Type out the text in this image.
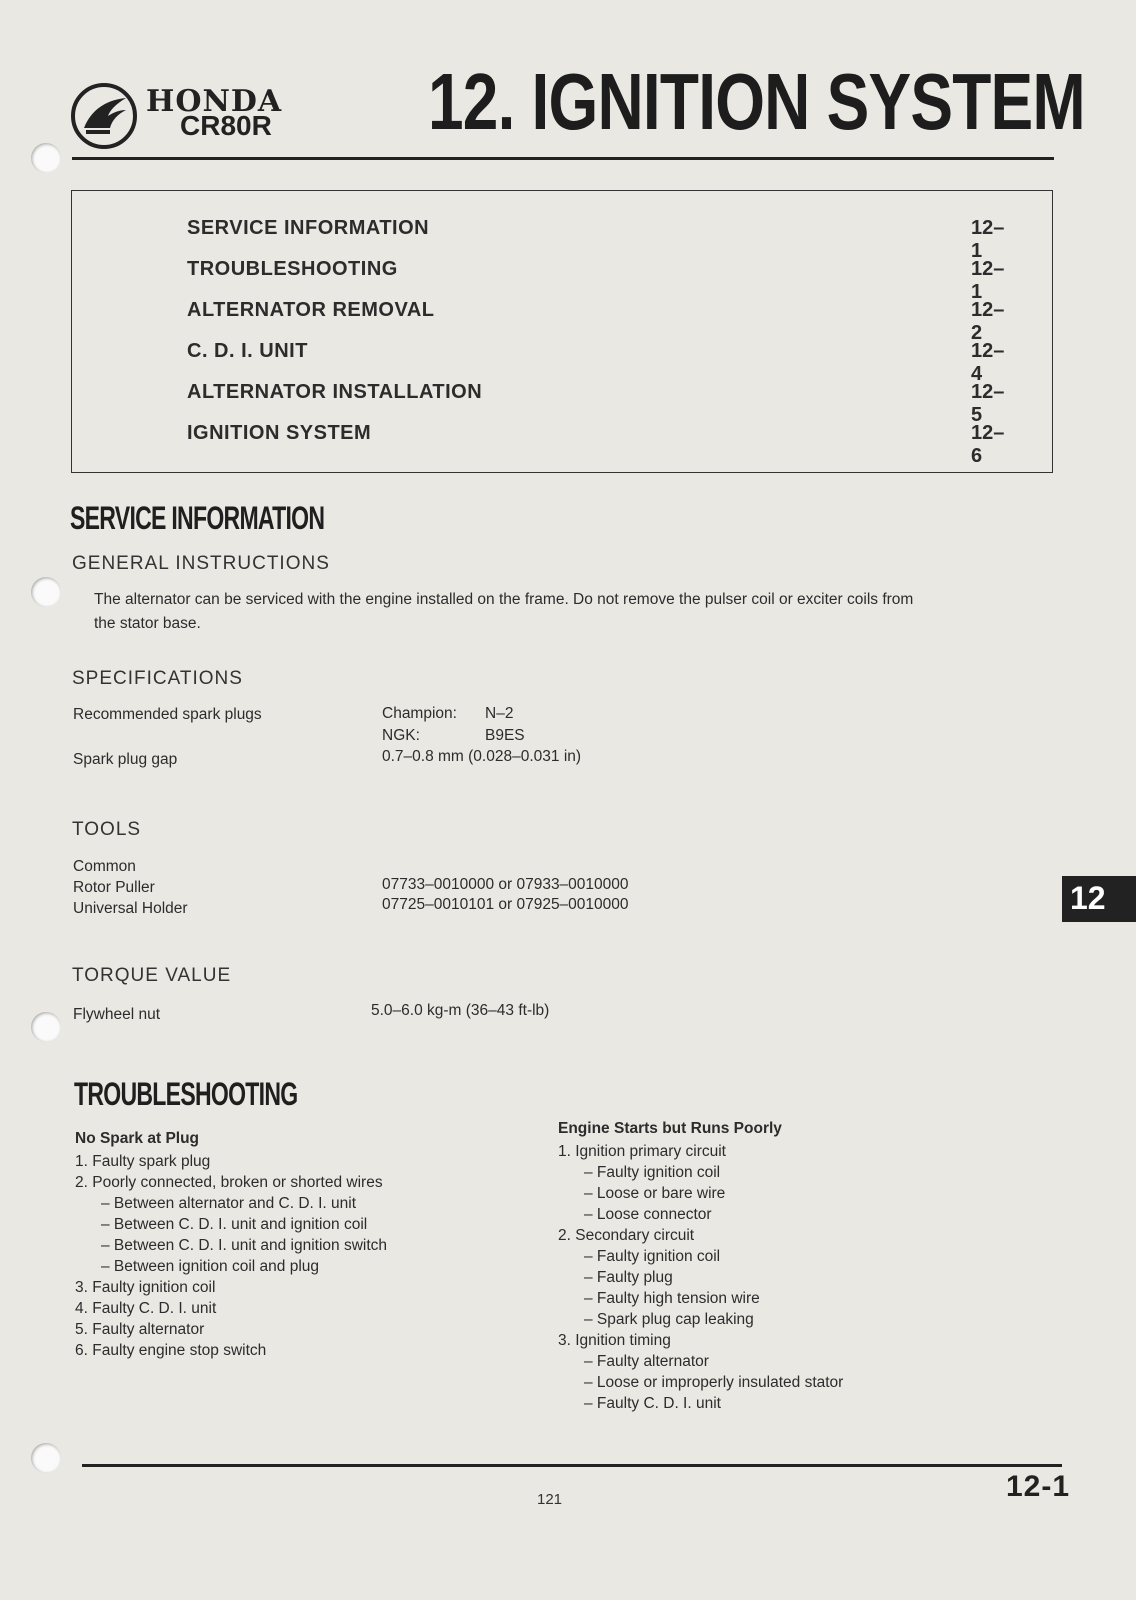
HONDA
CR80R 12. IGNITION SYSTEM
SERVICE INFORMATION	12–1
TROUBLESHOOTING	12–1
ALTERNATOR REMOVAL	12–2
C. D. I. UNIT	12–4
ALTERNATOR INSTALLATION	12–5
IGNITION SYSTEM	12–6
SERVICE INFORMATION
GENERAL INSTRUCTIONS
The alternator can be serviced with the engine installed on the frame. Do not remove the pulser coil or exciter coils from
the stator base.
SPECIFICATIONS
Recommended spark plugs	Champion: N–2
NGK:	B9ES
Spark plug gap	0.7–0.8 mm (0.028–0.031 in)
TOOLS
Common
Rotor Puller	07733–0010000 or 07933–0010000
Universal Holder	07725–0010101 or 07925–0010000
TORQUE VALUE
Flywheel nut	5.0–6.0 kg-m (36–43 ft-lb)
TROUBLESHOOTING
No Spark at Plug
1. Faulty spark plug
2. Poorly connected, broken or shorted wires
– Between alternator and C. D. I. unit
– Between C. D. I. unit and ignition coil
– Between C. D. I. unit and ignition switch
– Between ignition coil and plug
3. Faulty ignition coil
4. Faulty C. D. I. unit
5. Faulty alternator
6. Faulty engine stop switch
Engine Starts but Runs Poorly
1. Ignition primary circuit
– Faulty ignition coil
– Loose or bare wire
– Loose connector
2. Secondary circuit
– Faulty ignition coil
– Faulty plug
– Faulty high tension wire
– Spark plug cap leaking
3. Ignition timing
– Faulty alternator
– Loose or improperly insulated stator
– Faulty C. D. I. unit
12
121	12-1
